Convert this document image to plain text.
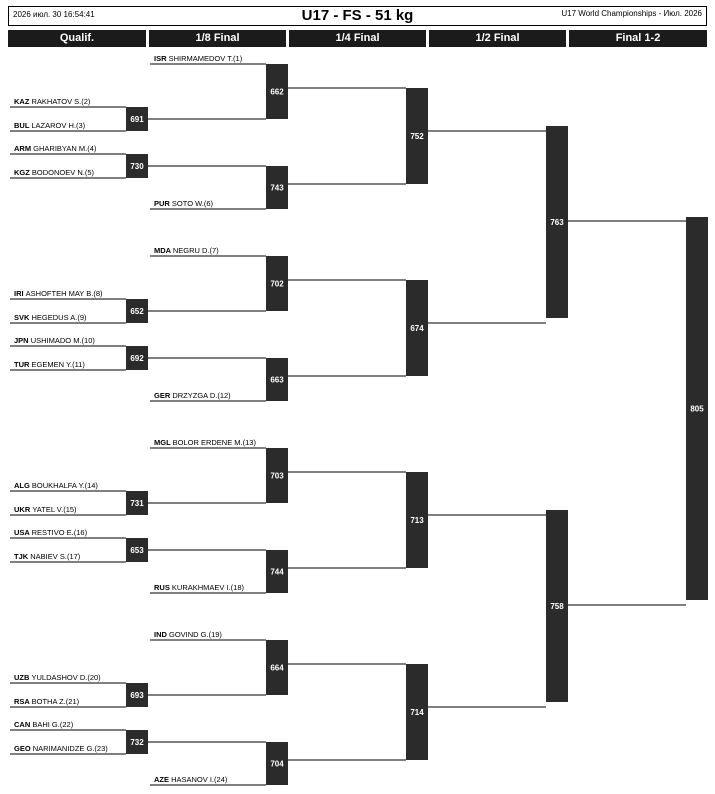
2026 июл. 30 16:54:41	U17 - FS - 51 kg	U17 World Championships - Июл. 2026
Qualif.	1/8 Final	1/4 Final	1/2 Final	Final 1-2
ISR SHIRMAMEDOV T.(1)
KAZ RAKHATOV S.(2)
BUL LAZAROV H.(3)
ARM GHARIBYAN M.(4)
KGZ BODONOEV N.(5)
PUR SOTO W.(6)
691
730
662
743
752
MDA NEGRU D.(7)
IRI ASHOFTEH MAY B.(8)
SVK HEGEDUS A.(9)
JPN USHIMADO M.(10)
TUR EGEMEN Y.(11)
GER DRZYZGA D.(12)
652
692
702
663
674
MGL BOLOR ERDENE M.(13)
ALG BOUKHALFA Y.(14)
UKR YATEL V.(15)
USA RESTIVO E.(16)
TJK NABIEV S.(17)
RUS KURAKHMAEV I.(18)
731
653
703
744
713
IND GOVIND G.(19)
UZB YULDASHOV D.(20)
RSA BOTHA Z.(21)
CAN BAHI G.(22)
GEO NARIMANIDZE G.(23)
AZE HASANOV I.(24)
693
732
664
704
714
763
758
805
